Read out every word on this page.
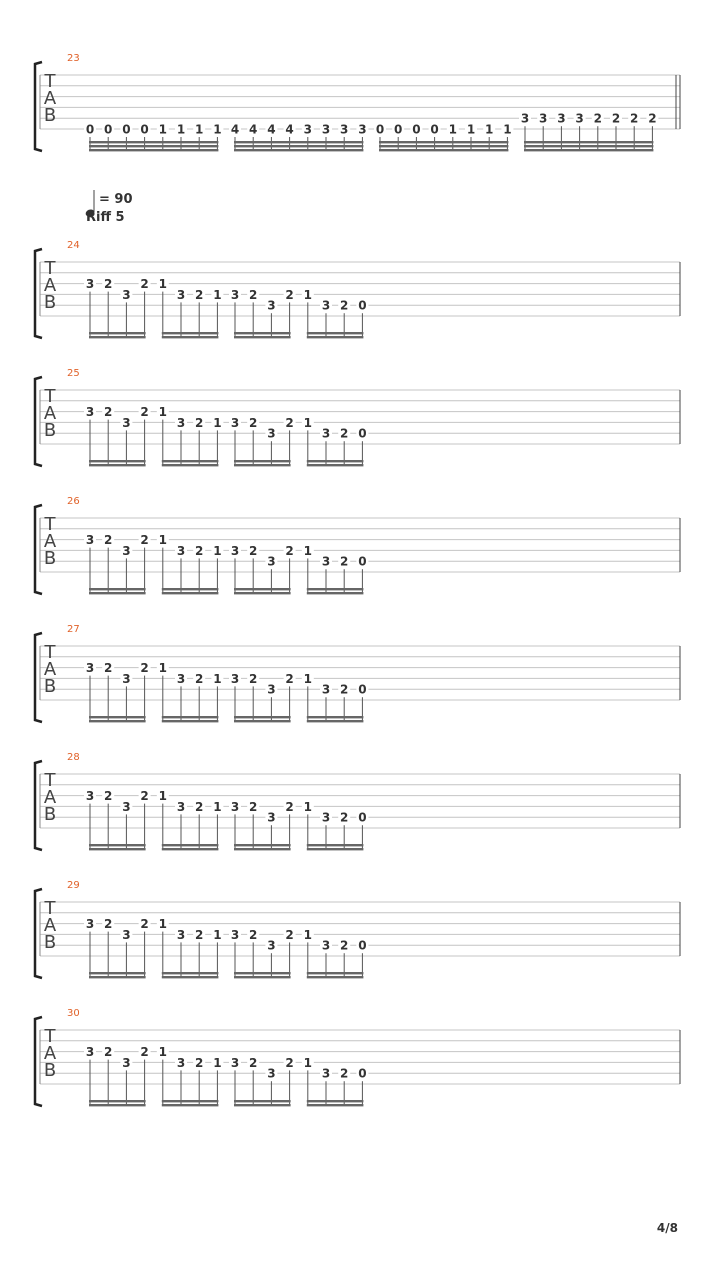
T
A
B
23
0 0 0 0 1 1 1 1 4 4 4 4 3 3 3 3 0 0 0 0 1 1 1 1
3 3 3 3 2 2 2 2
T
A
B
24
3 2
3
2 1
3 2 1 3 2
3
2 1
3 2 0
T
A
B
25
3 2
3
2 1
3 2 1 3 2
3
2 1
3 2 0
T
A
B
26
3 2
3
2 1
3 2 1 3 2
3
2 1
3 2 0
T
A
B
27
3 2
3
2 1
3 2 1 3 2
3
2 1
3 2 0
T
A
B
28
3 2
3
2 1
3 2 1 3 2
3
2 1
3 2 0
T
A
B
29
3 2
3
2 1
3 2 1 3 2
3
2 1
3 2 0
T
A
B
30
3 2
3
2 1
3 2 1 3 2
3
2 1
3 2 0
= 90
Riff 5
4/8
